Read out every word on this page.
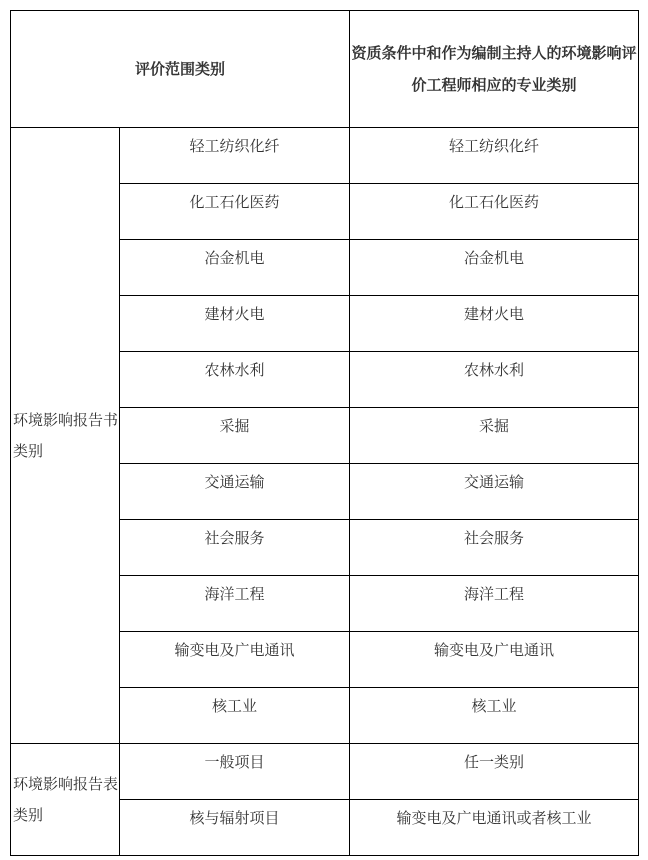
评价范围类别		资质条件中和作为编制主持人的环境影响评价工程师相应的专业类别
环境影响报告书类别	轻工纺织化纤	轻工纺织化纤

	化工石化医药	化工石化医药

	冶金机电	冶金机电

	建材火电	建材火电

	农林水利	农林水利

	采掘	采掘

	交通运输	交通运输

	社会服务	社会服务

	海洋工程	海洋工程

	输变电及广电通讯	输变电及广电通讯

	核工业	核工业

环境影响报告表类别	一般项目	任一类别

	核与辐射项目	输变电及广电通讯或者核工业
